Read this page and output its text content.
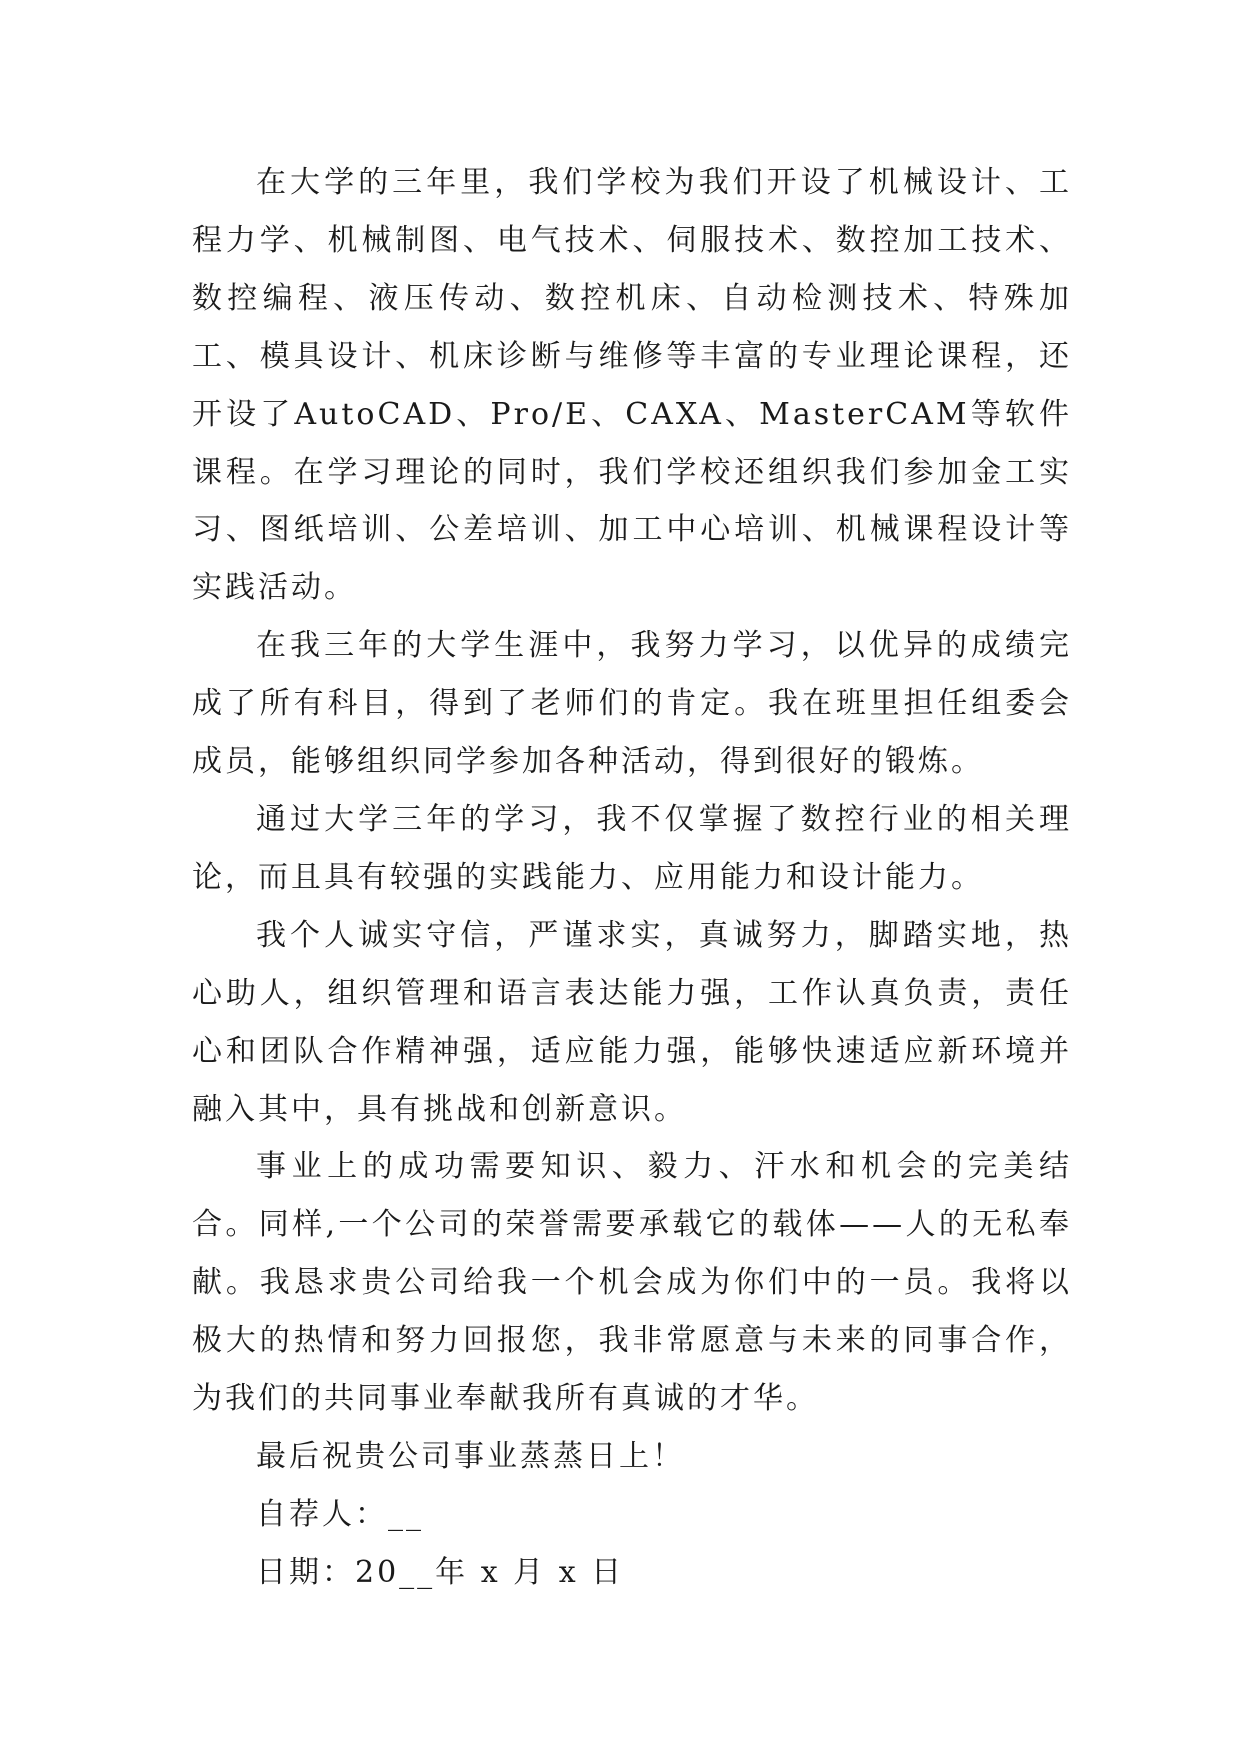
在大学的三年里，我们学校为我们开设了机械设计、工程力学、机械制图、电气技术、伺服技术、数控加工技术、数控编程、液压传动、数控机床、自动检测技术、特殊加工、模具设计、机床诊断与维修等丰富的专业理论课程，还开设了AutoCAD、Pro/E、CAXA、MasterCAM等软件课程。在学习理论的同时，我们学校还组织我们参加金工实习、图纸培训、公差培训、加工中心培训、机械课程设计等实践活动。

在我三年的大学生涯中，我努力学习，以优异的成绩完成了所有科目，得到了老师们的肯定。我在班里担任组委会成员，能够组织同学参加各种活动，得到很好的锻炼。

通过大学三年的学习，我不仅掌握了数控行业的相关理论，而且具有较强的实践能力、应用能力和设计能力。

我个人诚实守信，严谨求实，真诚努力，脚踏实地，热心助人，组织管理和语言表达能力强，工作认真负责，责任心和团队合作精神强，适应能力强，能够快速适应新环境并融入其中，具有挑战和创新意识。

事业上的成功需要知识、毅力、汗水和机会的完美结合。同样,一个公司的荣誉需要承载它的载体——人的无私奉献。我恳求贵公司给我一个机会成为你们中的一员。我将以极大的热情和努力回报您，我非常愿意与未来的同事合作，为我们的共同事业奉献我所有真诚的才华。

最后祝贵公司事业蒸蒸日上！

自荐人：__

日期：20__年 x 月 x 日
